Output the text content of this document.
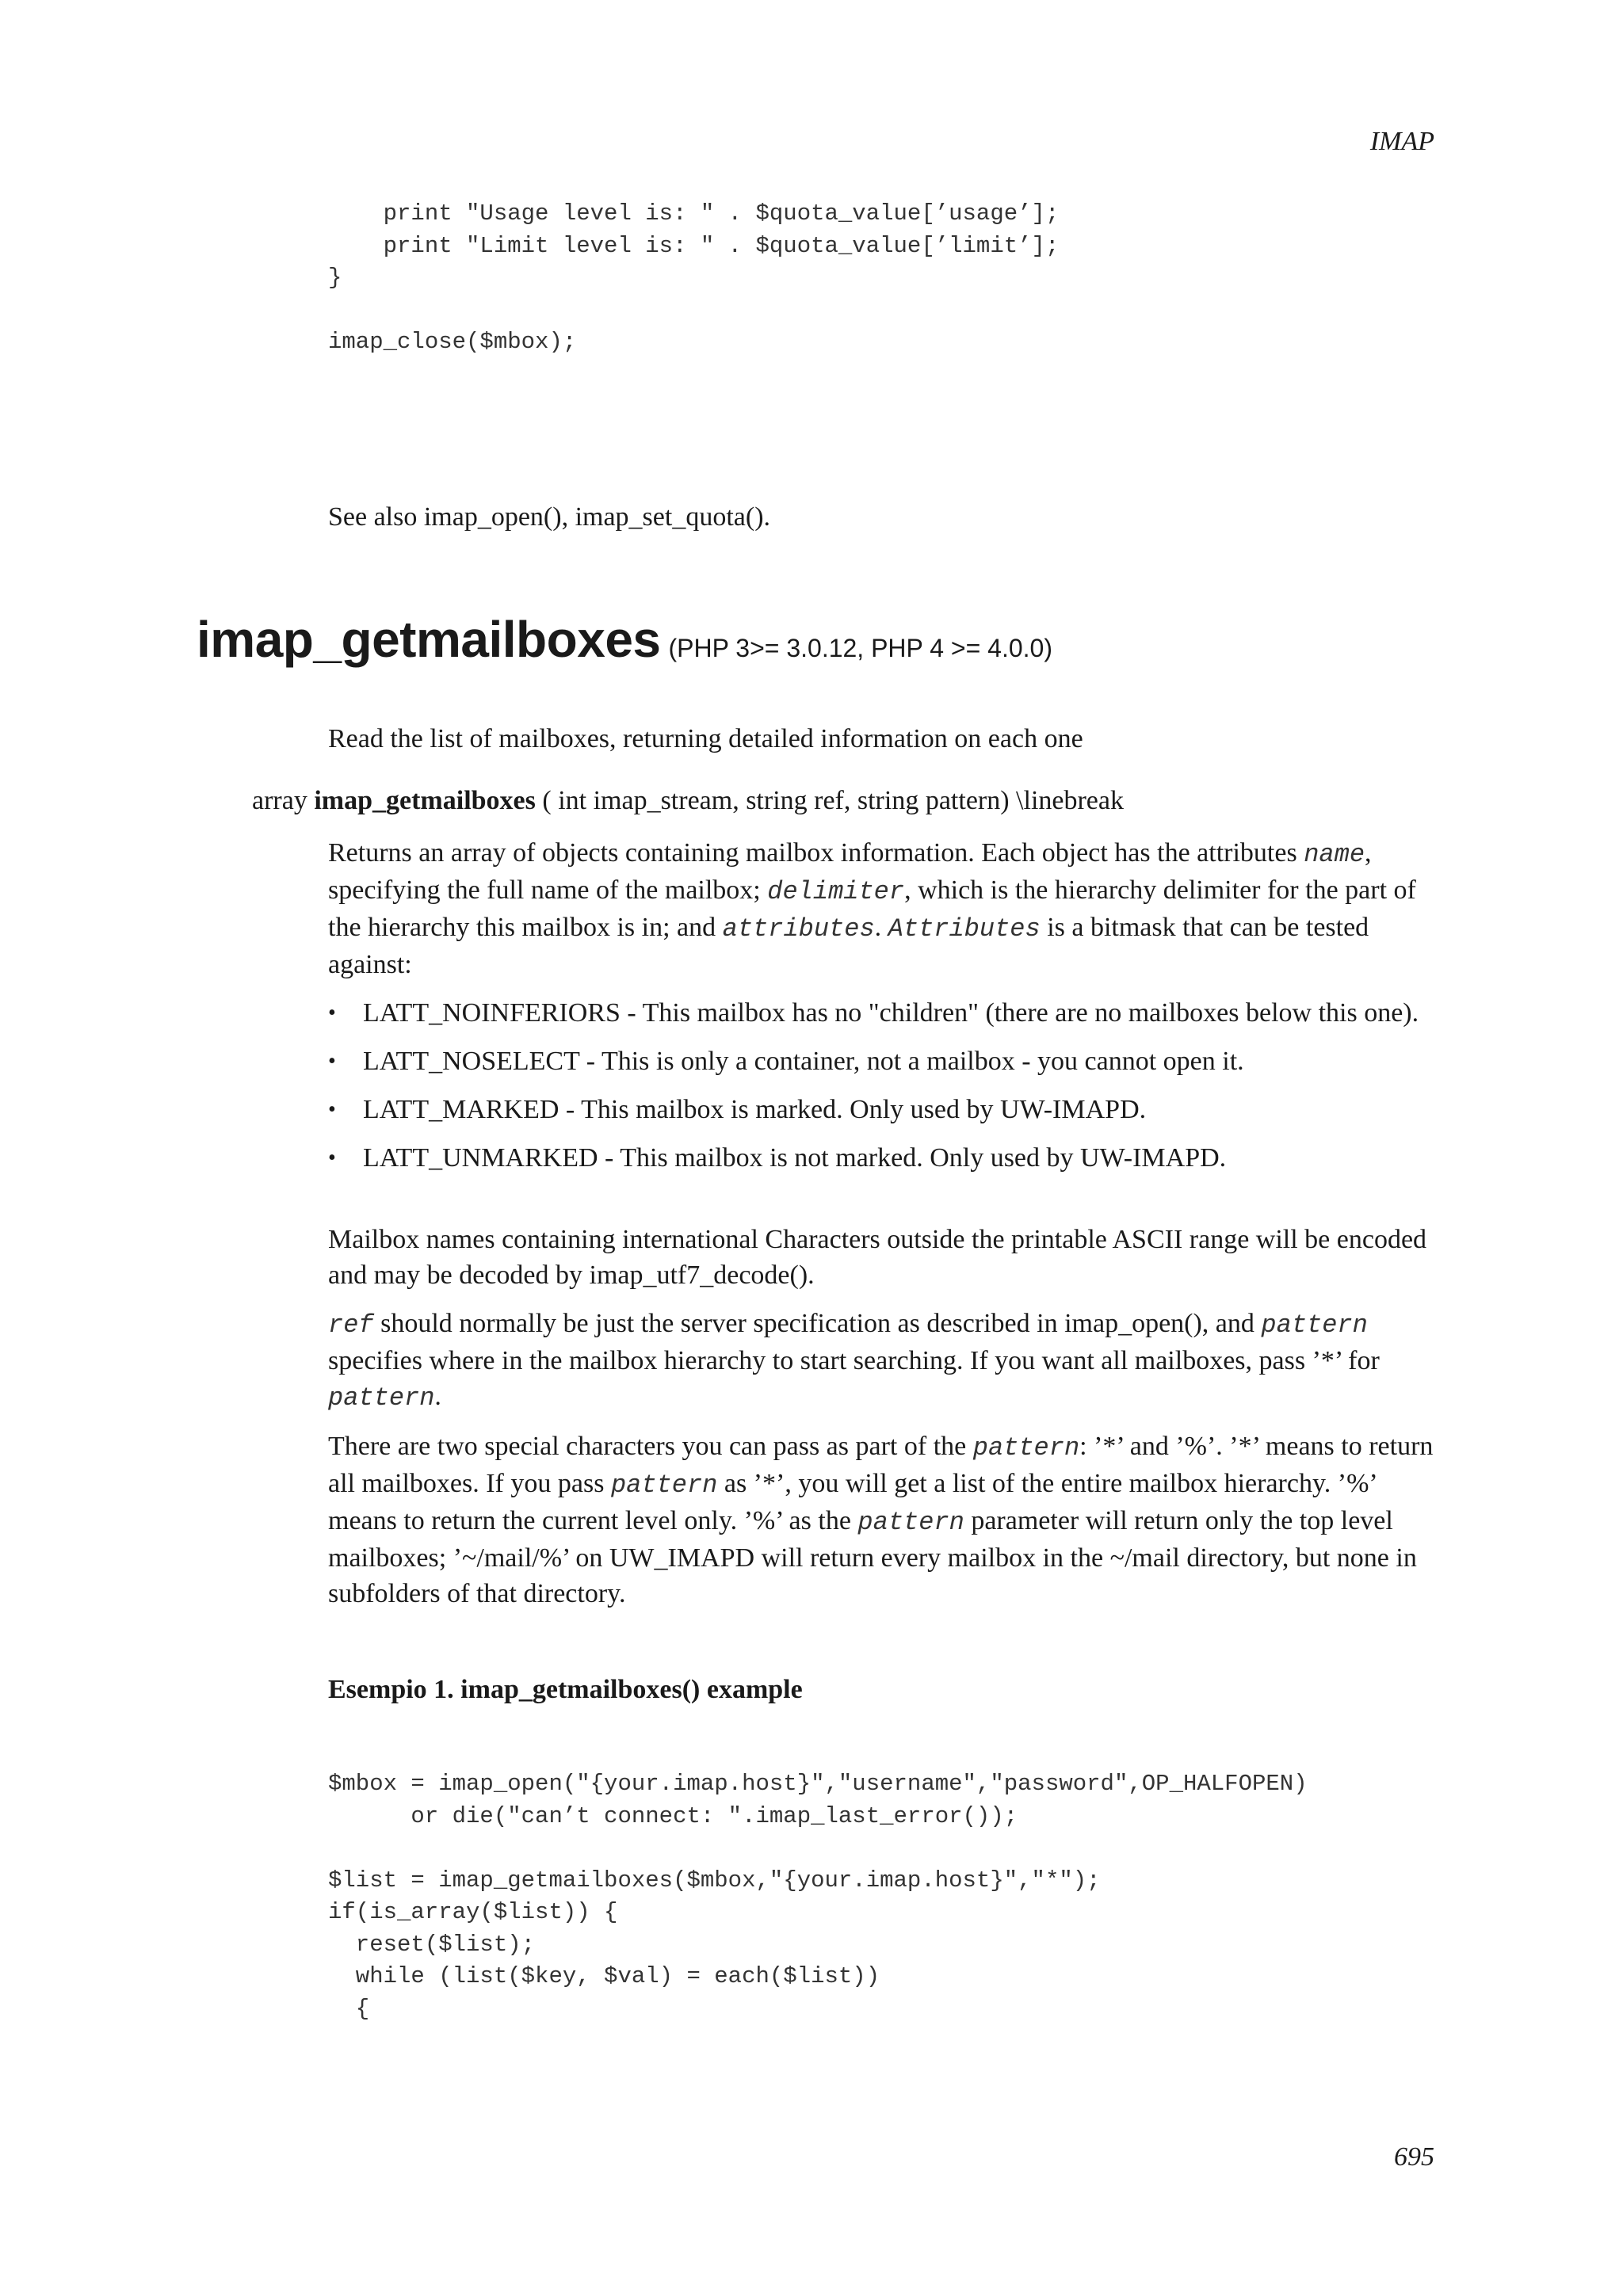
IMAP
print "Usage level is: " . $quota_value[’usage’];
print "Limit level is: " . $quota_value[’limit’];
}

imap_close($mbox);
See also imap_open(), imap_set_quota().
imap_getmailboxes (PHP 3>= 3.0.12, PHP 4 >= 4.0.0)
Read the list of mailboxes, returning detailed information on each one
array imap_getmailboxes ( int imap_stream, string ref, string pattern) \linebreak

Returns an array of objects containing mailbox information. Each object has the attributes name, specifying the full name of the mailbox; delimiter, which is the hierarchy delimiter for the part of the hierarchy this mailbox is in; and attributes. Attributes is a bitmask that can be tested against:

• LATT_NOINFERIORS - This mailbox has no "children" (there are no mailboxes below this one).
• LATT_NOSELECT - This is only a container, not a mailbox - you cannot open it.
• LATT_MARKED - This mailbox is marked. Only used by UW-IMAPD.
• LATT_UNMARKED - This mailbox is not marked. Only used by UW-IMAPD.

Mailbox names containing international Characters outside the printable ASCII range will be encoded and may be decoded by imap_utf7_decode().

ref should normally be just the server specification as described in imap_open(), and pattern specifies where in the mailbox hierarchy to start searching. If you want all mailboxes, pass ’*’ for pattern.

There are two special characters you can pass as part of the pattern: ’*’ and ’%’. ’*’ means to return all mailboxes. If you pass pattern as ’*’, you will get a list of the entire mailbox hierarchy. ’%’ means to return the current level only. ’%’ as the pattern parameter will return only the top level mailboxes; ’~/mail/%’ on UW_IMAPD will return every mailbox in the ~/mail directory, but none in subfolders of that directory.

Esempio 1. imap_getmailboxes() example
$mbox = imap_open("{your.imap.host}","username","password",OP_HALFOPEN)
or die("can’t connect: ".imap_last_error());

$list = imap_getmailboxes($mbox,"{your.imap.host}","*");
if(is_array($list)) {
reset($list);
while (list($key, $val) = each($list))
{
695
